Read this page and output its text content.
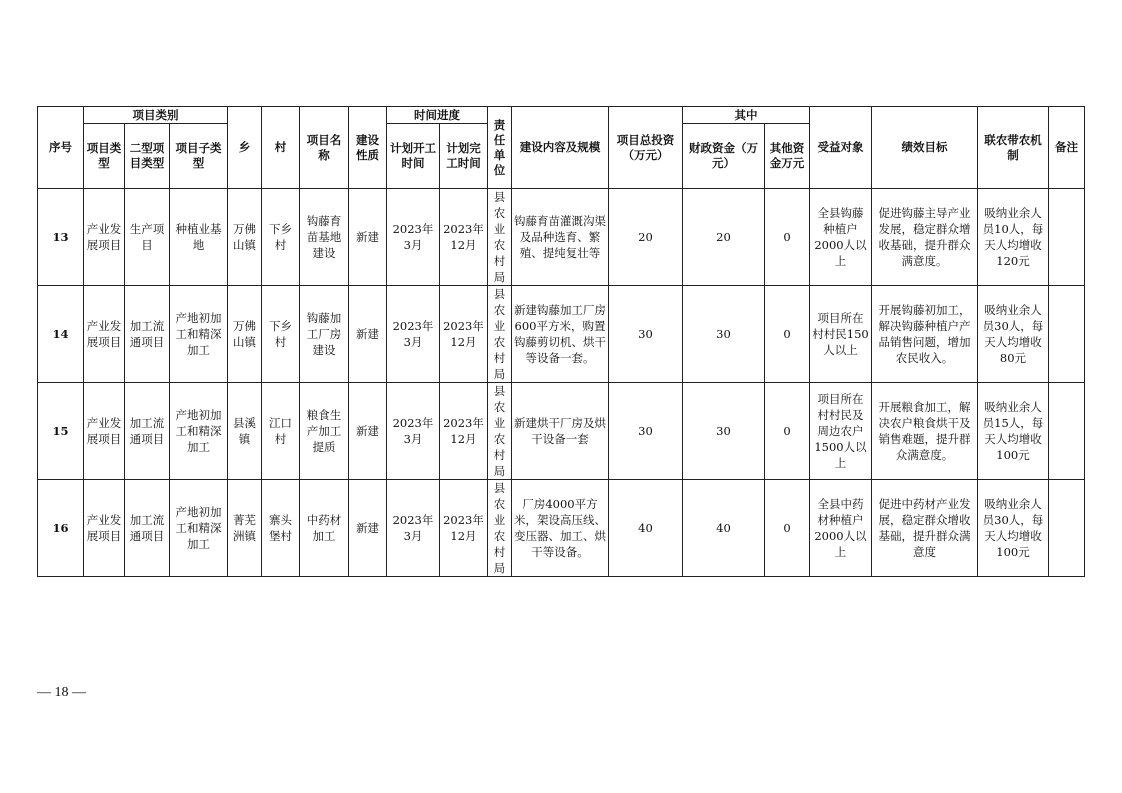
序号	项目类别			乡	村	项目名称	建设性质	时间进度		责任单位	建设内容及规模	项目总投资（万元）	其中		受益对象	绩效目标	联农带农机制	备注
	项目类型	二型项目类型	项目子类型					计划开工时间	计划完工时间				财政资金（万元）	其他资金万元				
13	产业发展项目	生产项目	种植业基地	万佛山镇	下乡村	钩藤育苗基地建设	新建	2023年3月	2023年12月	县农业农村局	钩藤育苗灌溉沟渠及品种选育、繁殖、提纯复壮等	20	20	0	全县钩藤种植户2000人以上	促进钩藤主导产业发展，稳定群众增收基础，提升群众满意度。	吸纳业余人员10人，每天人均增收120元	
14	产业发展项目	加工流通项目	产地初加工和精深加工	万佛山镇	下乡村	钩藤加工厂房建设	新建	2023年3月	2023年12月	县农业农村局	新建钩藤加工厂房600平方米，购置钩藤剪切机、烘干等设备一套。	30	30	0	项目所在村村民150人以上	开展钩藤初加工，解决钩藤种植户产品销售问题，增加农民收入。	吸纳业余人员30人，每天人均增收80元	
15	产业发展项目	加工流通项目	产地初加工和精深加工	县溪镇	江口村	粮食生产加工提质	新建	2023年3月	2023年12月	县农业农村局	新建烘干厂房及烘干设备一套	30	30	0	项目所在村村民及周边农户1500人以上	开展粮食加工，解决农户粮食烘干及销售难题，提升群众满意度。	吸纳业余人员15人，每天人均增收100元	
16	产业发展项目	加工流通项目	产地初加工和精深加工	菁芜洲镇	寨头堡村	中药材加工	新建	2023年3月	2023年12月	县农业农村局	厂房4000平方米，架设高压线、变压器、加工、烘干等设备。	40	40	0	全县中药材种植户2000人以上	促进中药材产业发展，稳定群众增收基础，提升群众满意度	吸纳业余人员30人，每天人均增收100元	
— 18 —
